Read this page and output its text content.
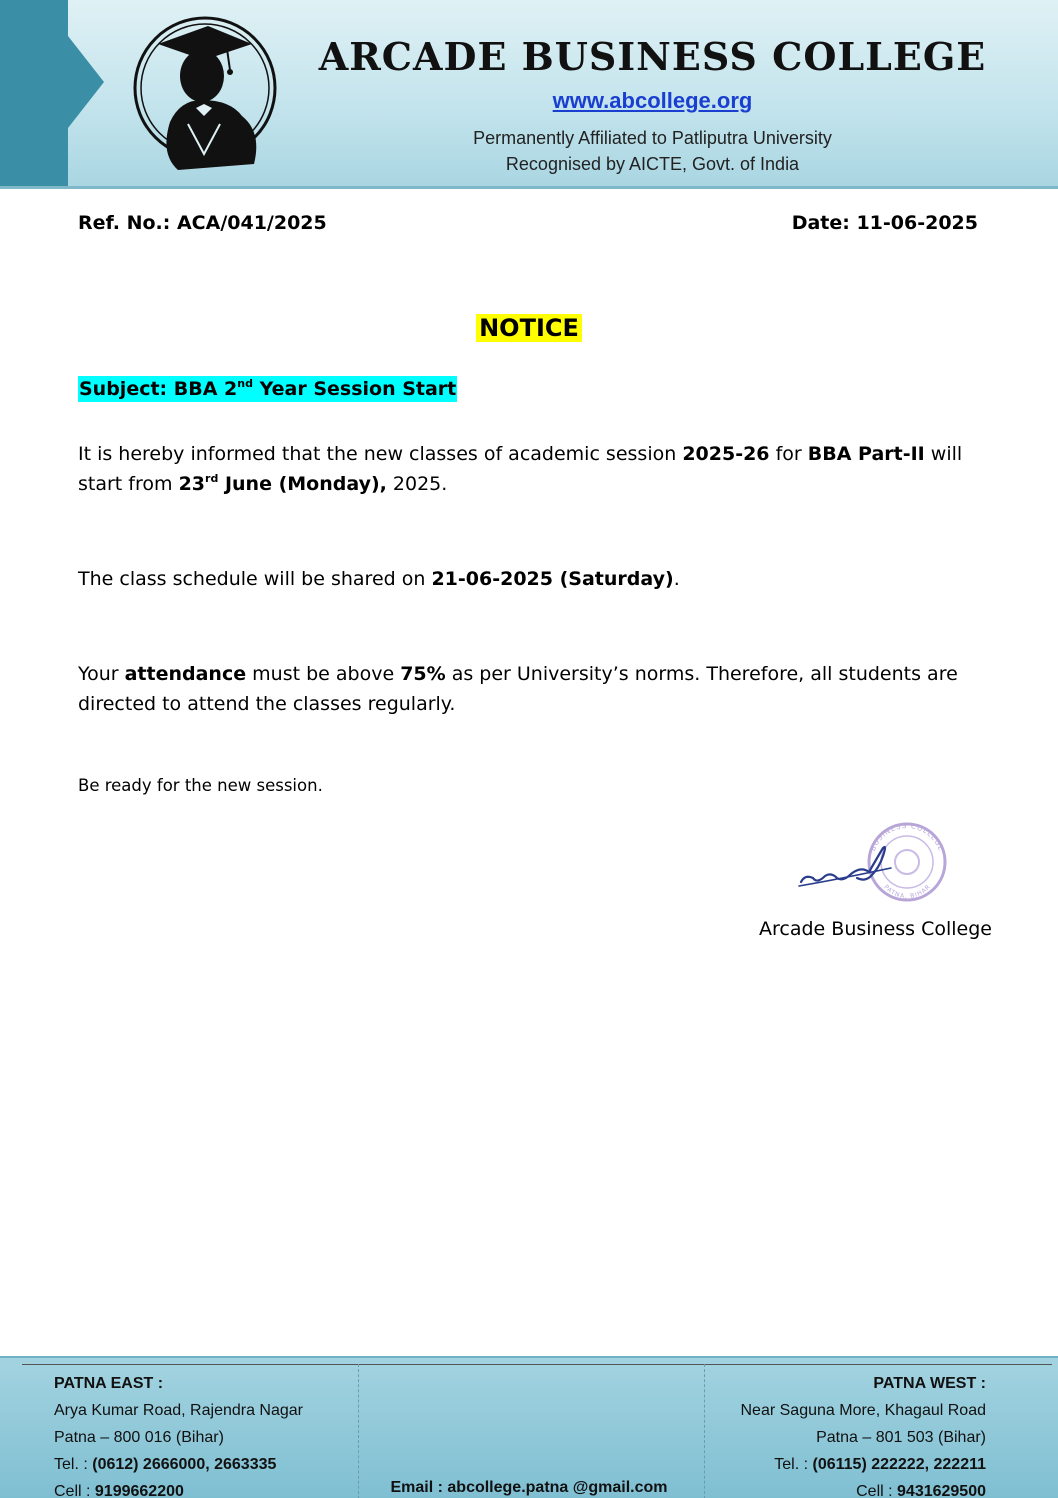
ARCADE BUSINESS COLLEGE
www.abcollege.org
Permanently Affiliated to Patliputra University
Recognised by AICTE, Govt. of India
Ref. No.: ACA/041/2025	Date: 11-06-2025
NOTICE
Subject: BBA 2nd Year Session Start
It is hereby informed that the new classes of academic session 2025-26 for BBA Part-II will start from 23rd June (Monday), 2025.
The class schedule will be shared on 21-06-2025 (Saturday).
Your attendance must be above 75% as per University’s norms. Therefore, all students are directed to attend the classes regularly.
Be ready for the new session.
BUSINESS COLLEGE
PATNA, BIHAR
Arcade Business College
PATNA EAST :
Arya Kumar Road, Rajendra Nagar
Patna – 800 016 (Bihar)
Tel. : (0612) 2666000, 2663335
Cell : 9199662200
PATNA WEST :
Near Saguna More, Khagaul Road
Patna – 801 503 (Bihar)
Tel. : (06115) 222222, 222211
Cell : 9431629500
Email : abcollege.patna @gmail.com
